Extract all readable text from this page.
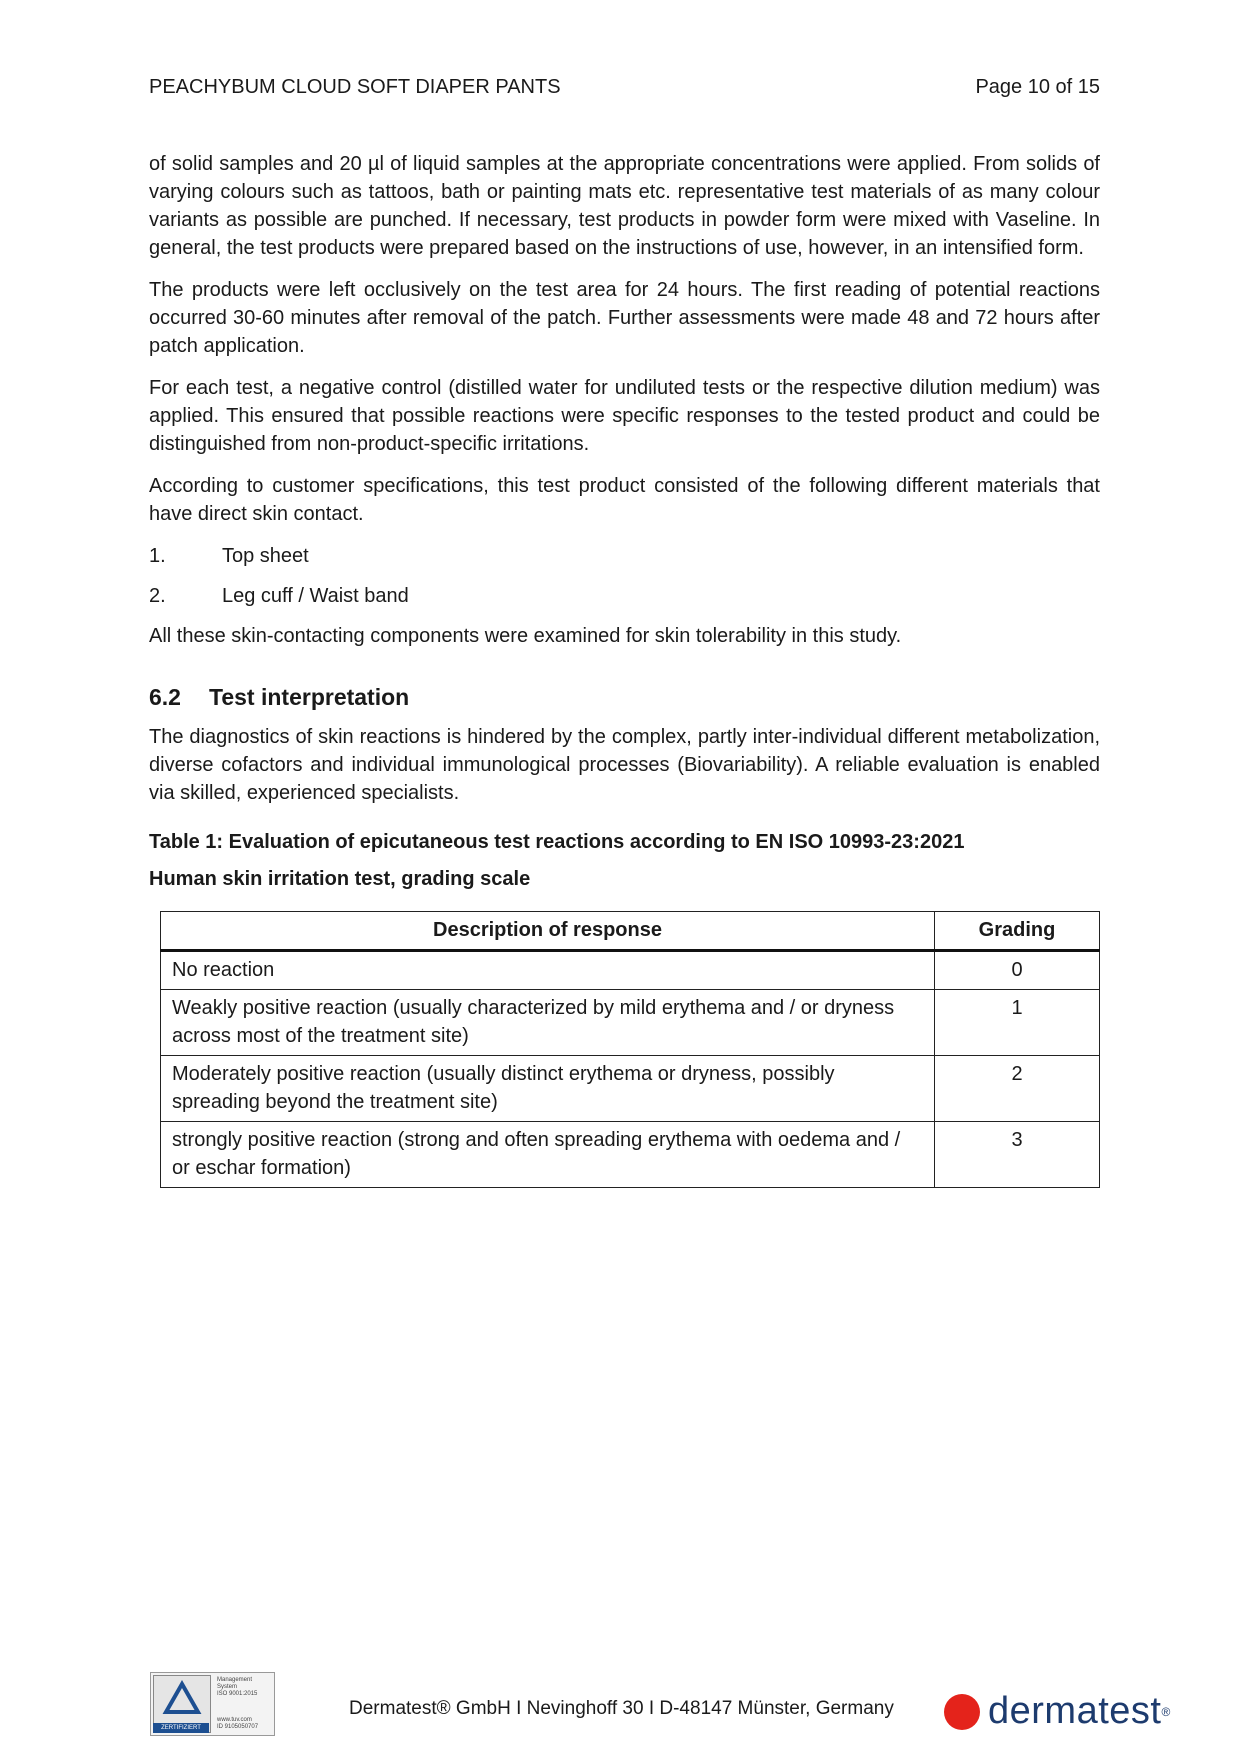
PEACHYBUM CLOUD SOFT DIAPER PANTS	Page 10 of 15

of solid samples and 20 µl of liquid samples at the appropriate concentrations were applied. From solids of varying colours such as tattoos, bath or painting mats etc. representative test materials of as many colour variants as possible are punched. If necessary, test products in powder form were mixed with Vaseline. In general, the test products were prepared based on the instructions of use, however, in an intensified form.

The products were left occlusively on the test area for 24 hours. The first reading of potential reactions occurred 30-60 minutes after removal of the patch. Further assessments were made 48 and 72 hours after patch application.

For each test, a negative control (distilled water for undiluted tests or the respective dilution medium) was applied. This ensured that possible reactions were specific responses to the tested product and could be distinguished from non-product-specific irritations.

According to customer specifications, this test product consisted of the following different materials that have direct skin contact.

1.	Top sheet
2.	Leg cuff / Waist band

All these skin-contacting components were examined for skin tolerability in this study.

6.2	Test interpretation

The diagnostics of skin reactions is hindered by the complex, partly inter-individual different metabolization, diverse cofactors and individual immunological processes (Biovariability). A reliable evaluation is enabled via skilled, experienced specialists.

Table 1: Evaluation of epicutaneous test reactions according to EN ISO 10993-23:2021
Human skin irritation test, grading scale
Description of response	Grading
No reaction	0
Weakly positive reaction (usually characterized by mild erythema and / or dryness across most of the treatment site)	1
Moderately positive reaction (usually distinct erythema or dryness, possibly spreading beyond the treatment site)	2
strongly positive reaction (strong and often spreading erythema with oedema and / or eschar formation)	3
ZERTIFIZIERT
Management
System
ISO 9001:2015
www.tuv.com
ID 9105050707
Dermatest® GmbH I Nevinghoff 30 I D-48147 Münster, Germany dermatest ®
